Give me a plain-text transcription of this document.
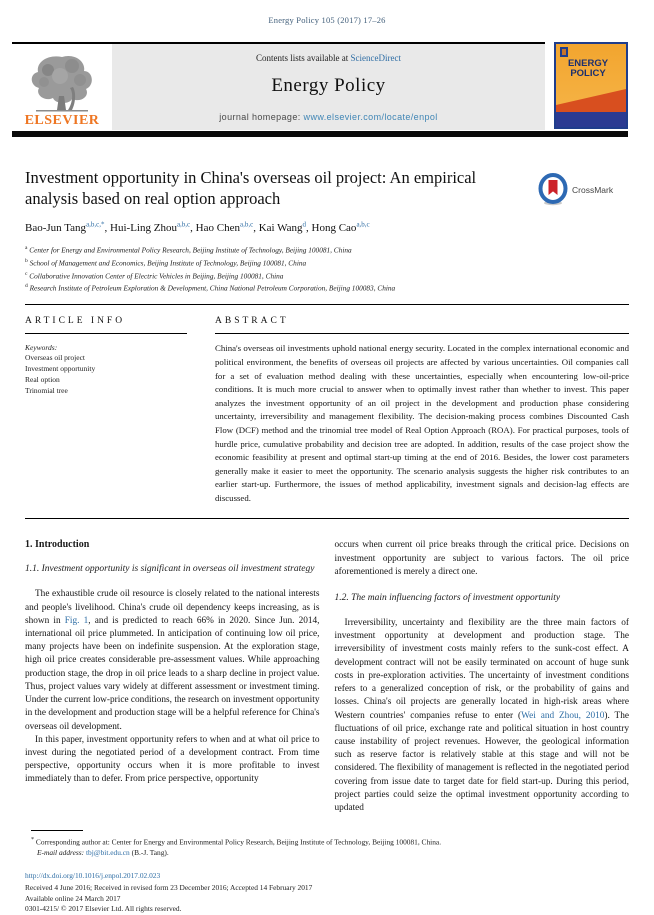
Energy Policy 105 (2017) 17–26
ELSEVIER
Contents lists available at ScienceDirect
Energy Policy
journal homepage: www.elsevier.com/locate/enpol
ENERGY POLICY
Investment opportunity in China's overseas oil project: An empirical analysis based on real option approach	CrossMark
Bao-Jun Tang$^{a,b,c,*}$, Hui-Ling Zhou$^{a,b,c}$, Hao Chen$^{a,b,c}$, Kai Wang$^d$, Hong Cao$^{a,b,c}$
$^a$ Center for Energy and Environmental Policy Research, Beijing Institute of Technology, Beijing 100081, China
$^b$ School of Management and Economics, Beijing Institute of Technology, Beijing 100081, China
$^c$ Collaborative Innovation Center of Electric Vehicles in Beijing, Beijing 100081, China
$^d$ Research Institute of Petroleum Exploration & Development, China National Petroleum Corporation, Beijing 100083, China
ARTICLE INFO
Keywords:
Overseas oil project
Investment opportunity
Real option
Trinomial tree
ABSTRACT
China's overseas oil investments uphold national energy security. Located in the complex international economic and political environment, the benefits of overseas oil projects are affected by various uncertainties. Oil companies call for a set of evaluation method dealing with these uncertainties, especially when encountering low-oil-price conditions. It is much more crucial to answer when to optimally invest rather than whether to invest. This paper analyzes the investment opportunity of an oil project in the development and production phase considering uncertainty, irreversibility and management flexibility. The decision-making process combines Discounted Cash Flow (DCF) method and the trinomial tree model of Real Option Approach (ROA). For practical purposes, tools of hurdle price, cumulative probability and decision tree are adopted. In addition, results of the case project show the economic feasibility at present and optimal start-up timing at the end of 2016. Besides, the lower cost parameters generally make it easier to meet the opportunity. The scenario analysis suggests the higher risk contributes to an earlier start-up. Furthermore, the issues of method applicability, investment signals and decision-lag effects are discussed.
1. Introduction
1.1. Investment opportunity is significant in overseas oil investment strategy

The exhaustible crude oil resource is closely related to the national interests and people's livelihood. China's crude oil dependency keeps increasing, as is shown in Fig. 1, and is predicted to reach 66% in 2020. Since Jun. 2014, international oil price plummeted. In anticipation of continuing low oil price, many projects have been on indefinite suspension. At the exploration stage, high oil price creates considerable pre-assessment values. While approaching production stage, the drop in oil price leads to a sharp decline in project value. Thus, project values vary widely at different assessment or investment timing. Under the current low-price conditions, the research on investment opportunity in the development and production stage will be a helpful reference for China's overseas oil development.

In this paper, investment opportunity refers to when and at what oil price to invest during the negotiated period of a development contract. From time perspective, opportunity occurs when it is more profitable to invest immediately than to defer. From price perspective, opportunity

occurs when current oil price breaks through the critical price. Decisions on investment opportunity are subject to various factors. The oil price aforementioned is merely a direct one.

1.2. The main influencing factors of investment opportunity

Irreversibility, uncertainty and flexibility are the three main factors of investment opportunity at development and production stage. The irreversibility of investment costs mainly refers to the sunk-cost effect. A development contract will not be easily terminated on account of huge sunk costs in pre-exploration activities. The uncertainty of investment conditions refers to a generalized conception of risk, or the probability of gains and losses. China's oil projects are generally located in high-risk areas where Western countries' companies refuse to enter (Wei and Zhou, 2010). The fluctuations of oil price, exchange rate and political situation in host country cause instability of project revenues. However, the geological information such as reserve factor is relatively stable at this stage and will not be considered. The flexibility of management is reflected in the negotiated period covering from issue date to target date for field start-up. During this period, project parties could seize the optimal investment opportunity according to updated

* Corresponding author at: Center for Energy and Environmental Policy Research, Beijing Institute of Technology, Beijing 100081, China.
E-mail address: tbj@bit.edu.cn (B.-J. Tang).
http://dx.doi.org/10.1016/j.enpol.2017.02.023
Received 4 June 2016; Received in revised form 23 December 2016; Accepted 14 February 2017
Available online 24 March 2017
0301-4215/ © 2017 Elsevier Ltd. All rights reserved.
